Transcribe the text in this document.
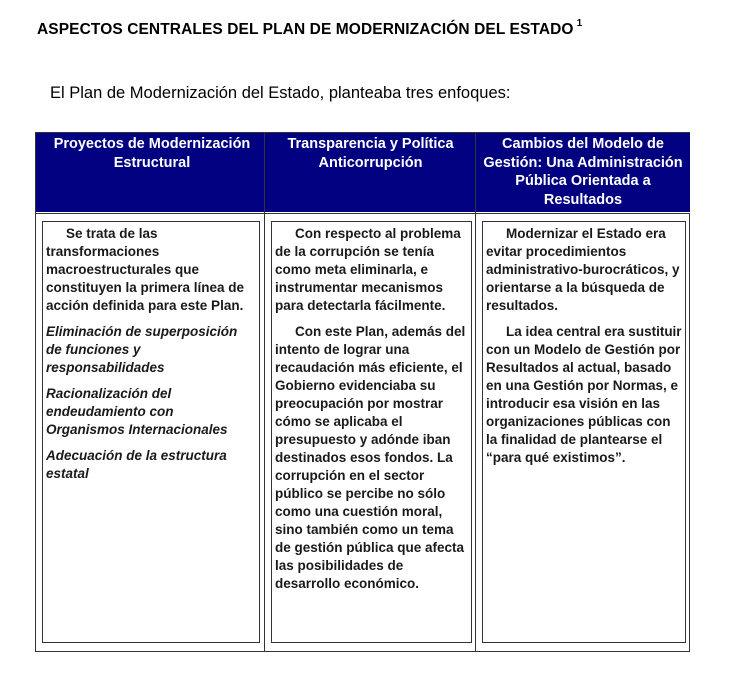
ASPECTOS CENTRALES DEL PLAN DE MODERNIZACIÓN DEL ESTADO $^1$
El Plan de Modernización del Estado, planteaba tres enfoques:
Proyectos de Modernización Estructural

Se trata de las transformaciones macroestructurales que constituyen la primera línea de acción definida para este Plan.

Eliminación de superposición de funciones y responsabilidades

Racionalización del endeudamiento con Organismos Internacionales

Adecuación de la estructura estatal

Transparencia y Política Anticorrupción

Con respecto al problema de la corrupción se tenía como meta eliminarla, e instrumentar mecanismos para detectarla fácilmente.

Con este Plan, además del intento de lograr una recaudación más eficiente, el Gobierno evidenciaba su preocupación por mostrar cómo se aplicaba el presupuesto y adónde iban destinados esos fondos. La corrupción en el sector público se percibe no sólo como una cuestión moral, sino también como un tema de gestión pública que afecta las posibilidades de desarrollo económico.

Cambios del Modelo de Gestión: Una Administración Pública Orientada a Resultados

Modernizar el Estado era evitar procedimientos administrativo-burocráticos, y orientarse a la búsqueda de resultados.

La idea central era sustituir con un Modelo de Gestión por Resultados al actual, basado en una Gestión por Normas, e introducir esa visión en las organizaciones públicas con la finalidad de plantearse el “para qué existimos”.
